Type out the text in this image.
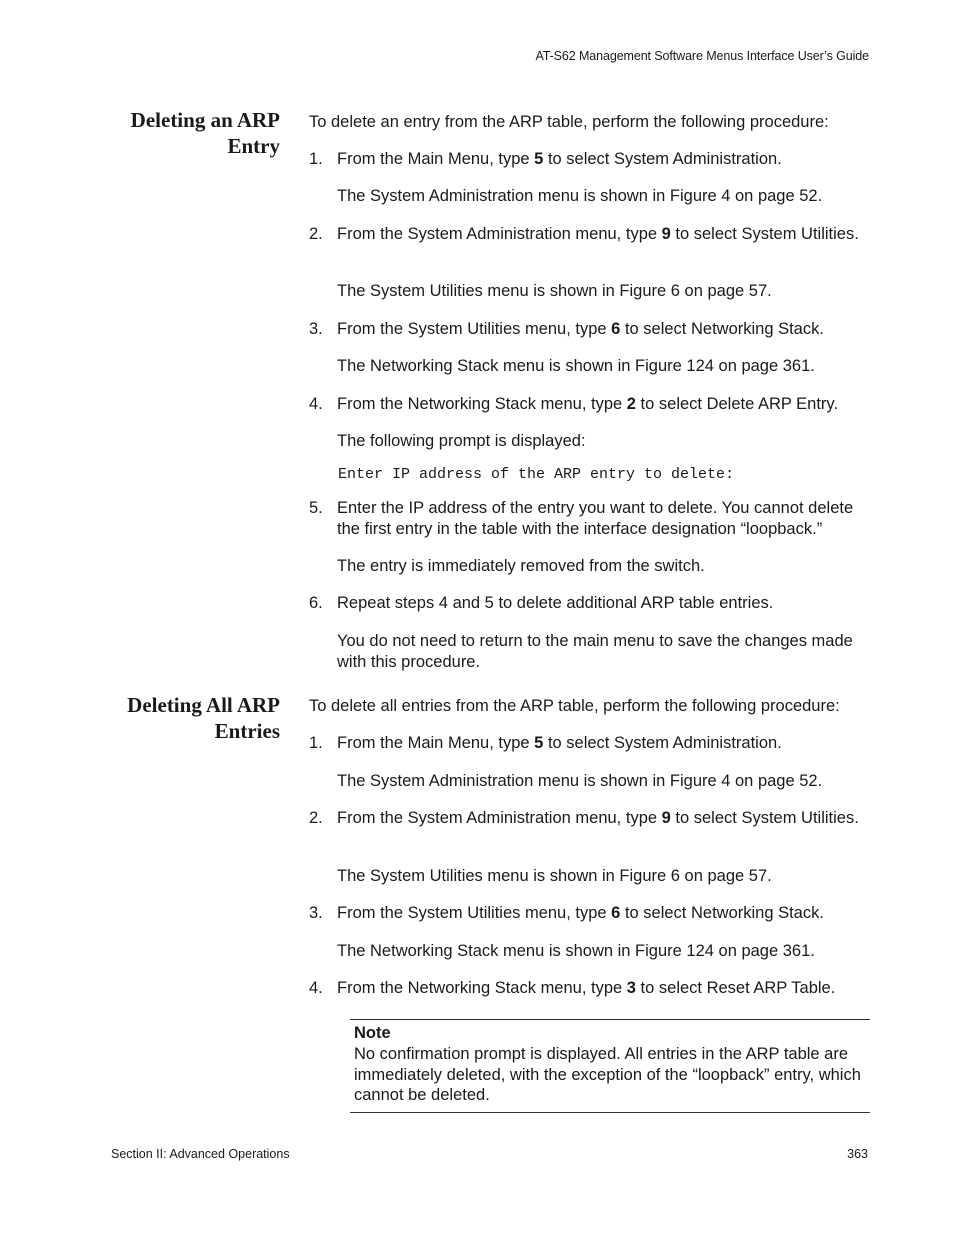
AT-S62 Management Software Menus Interface User’s Guide
Deleting an ARP
Entry
To delete an entry from the ARP table, perform the following procedure:
1. From the Main Menu, type 5 to select System Administration.
The System Administration menu is shown in Figure 4 on page 52.
2. From the System Administration menu, type 9 to select System Utilities.
The System Utilities menu is shown in Figure 6 on page 57.
3. From the System Utilities menu, type 6 to select Networking Stack.
The Networking Stack menu is shown in Figure 124 on page 361.
4. From the Networking Stack menu, type 2 to select Delete ARP Entry.
The following prompt is displayed:
Enter IP address of the ARP entry to delete:
5. Enter the IP address of the entry you want to delete. You cannot delete the first entry in the table with the interface designation “loopback.”
The entry is immediately removed from the switch.
6. Repeat steps 4 and 5 to delete additional ARP table entries.
You do not need to return to the main menu to save the changes made with this procedure.
Deleting All ARP
Entries
To delete all entries from the ARP table, perform the following procedure:
1. From the Main Menu, type 5 to select System Administration.
The System Administration menu is shown in Figure 4 on page 52.
2. From the System Administration menu, type 9 to select System Utilities.
The System Utilities menu is shown in Figure 6 on page 57.
3. From the System Utilities menu, type 6 to select Networking Stack.
The Networking Stack menu is shown in Figure 124 on page 361.
4. From the Networking Stack menu, type 3 to select Reset ARP Table.
Note
No confirmation prompt is displayed. All entries in the ARP table are immediately deleted, with the exception of the “loopback” entry, which cannot be deleted.
Section II: Advanced Operations	363
